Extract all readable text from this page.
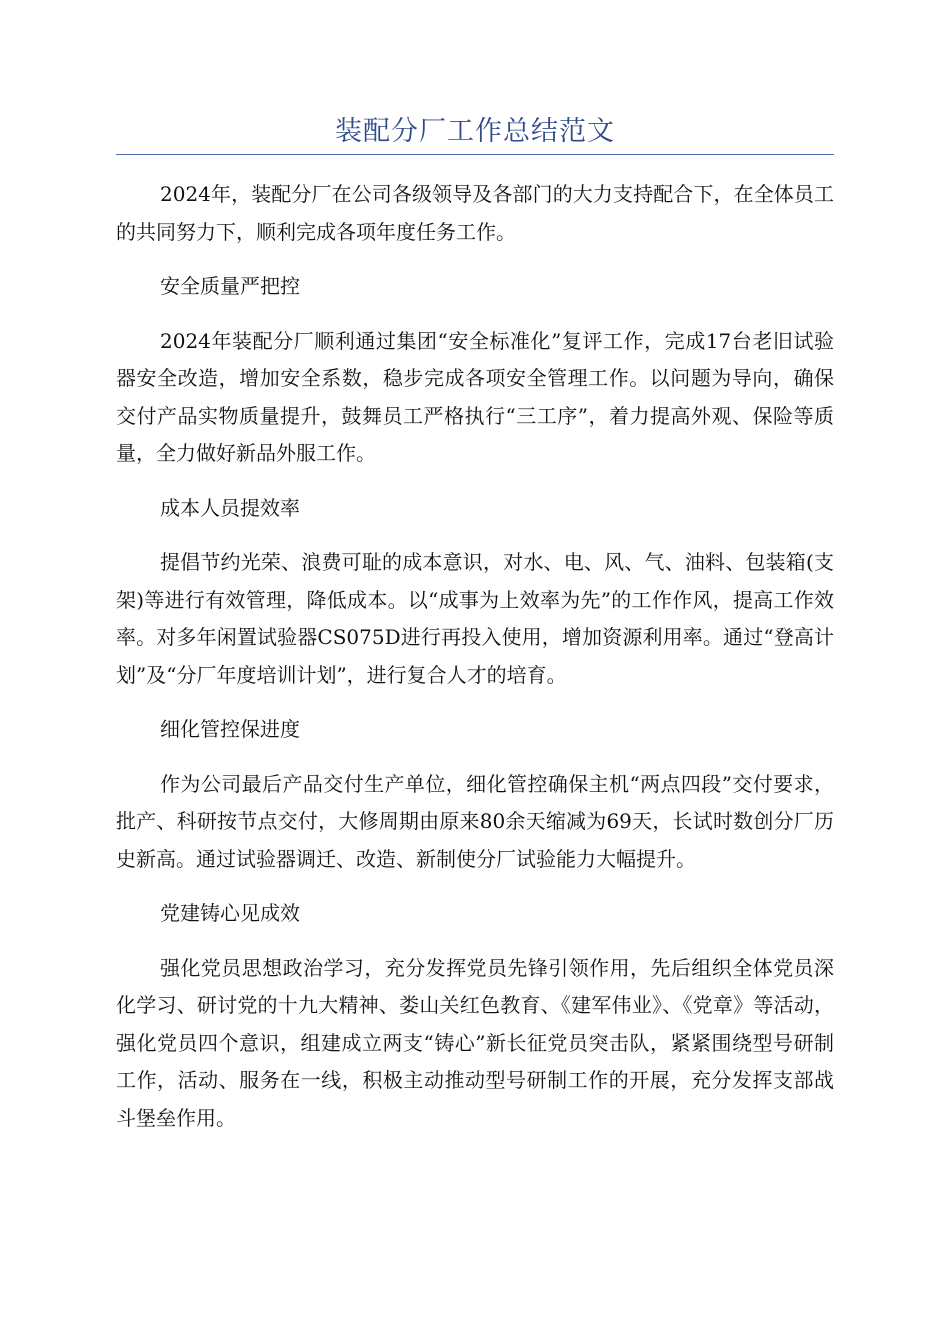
装配分厂工作总结范文

2024年，装配分厂在公司各级领导及各部门的大力支持配合下，在全体员工的共同努力下，顺利完成各项年度任务工作。

安全质量严把控

2024年装配分厂顺利通过集团“安全标准化”复评工作，完成17台老旧试验器安全改造，增加安全系数，稳步完成各项安全管理工作。以问题为导向，确保交付产品实物质量提升，鼓舞员工严格执行“三工序”，着力提高外观、保险等质量，全力做好新品外服工作。

成本人员提效率

提倡节约光荣、浪费可耻的成本意识，对水、电、风、气、油料、包装箱(支架)等进行有效管理，降低成本。以“成事为上效率为先”的工作作风，提高工作效率。对多年闲置试验器CS075D进行再投入使用，增加资源利用率。通过“登高计划”及“分厂年度培训计划”，进行复合人才的培育。

细化管控保进度

作为公司最后产品交付生产单位，细化管控确保主机“两点四段”交付要求，批产、科研按节点交付，大修周期由原来80余天缩减为69天，长试时数创分厂历史新高。通过试验器调迁、改造、新制使分厂试验能力大幅提升。

党建铸心见成效

强化党员思想政治学习，充分发挥党员先锋引领作用，先后组织全体党员深化学习、研讨党的十九大精神、娄山关红色教育、《建军伟业》、《党章》等活动，强化党员四个意识，组建成立两支“铸心”新长征党员突击队，紧紧围绕型号研制工作，活动、服务在一线，积极主动推动型号研制工作的开展，充分发挥支部战斗堡垒作用。
